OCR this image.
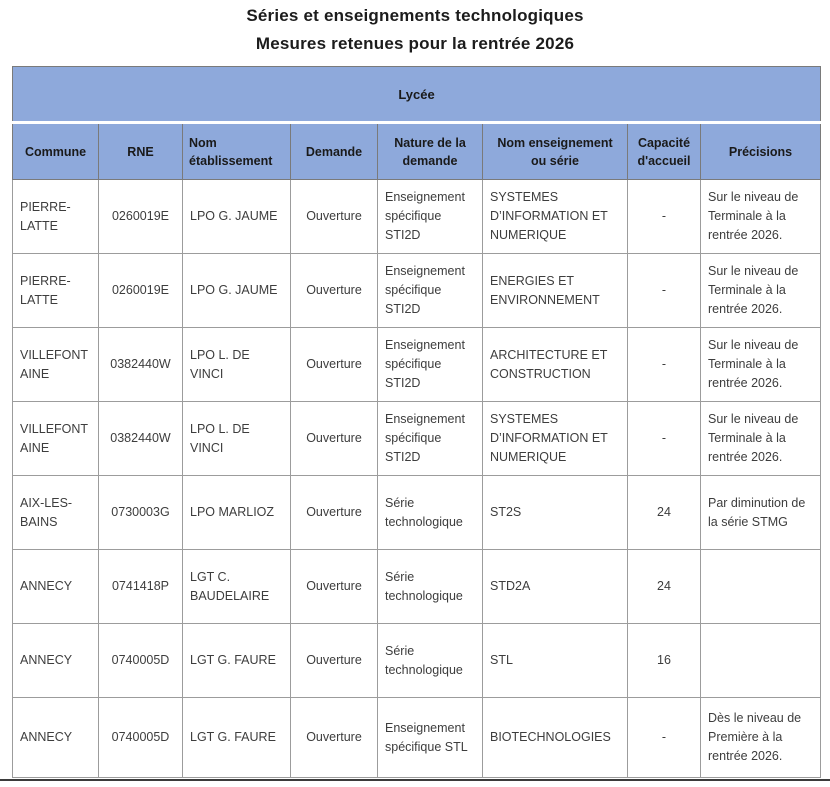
Séries et enseignements technologiques
Mesures retenues pour la rentrée 2026
Lycée							
Commune	RNE	Nom établissement	Demande	Nature de la demande	Nom enseignement ou série	Capacité d'accueil	Précisions
PIERRE-LATTE	0260019E	LPO G. JAUME	Ouverture	Enseignement spécifique STI2D	SYSTEMES D’INFORMATION ET NUMERIQUE	-	Sur le niveau de Terminale à la rentrée 2026.
PIERRE-LATTE	0260019E	LPO G. JAUME	Ouverture	Enseignement spécifique STI2D	ENERGIES ET ENVIRONNEMENT	-	Sur le niveau de Terminale à la rentrée 2026.
VILLEFONTAINE	0382440W	LPO L. DE VINCI	Ouverture	Enseignement spécifique STI2D	ARCHITECTURE ET CONSTRUCTION	-	Sur le niveau de Terminale à la rentrée 2026.
VILLEFONTAINE	0382440W	LPO L. DE VINCI	Ouverture	Enseignement spécifique STI2D	SYSTEMES D’INFORMATION ET NUMERIQUE	-	Sur le niveau de Terminale à la rentrée 2026.
AIX-LES-BAINS	0730003G	LPO MARLIOZ	Ouverture	Série technologique	ST2S	24	Par diminution de la série STMG
ANNECY	0741418P	LGT C. BAUDELAIRE	Ouverture	Série technologique	STD2A	24	
ANNECY	0740005D	LGT G. FAURE	Ouverture	Série technologique	STL	16	
ANNECY	0740005D	LGT G. FAURE	Ouverture	Enseignement spécifique STL	BIOTECHNOLOGIES	-	Dès le niveau de Première à la rentrée 2026.
